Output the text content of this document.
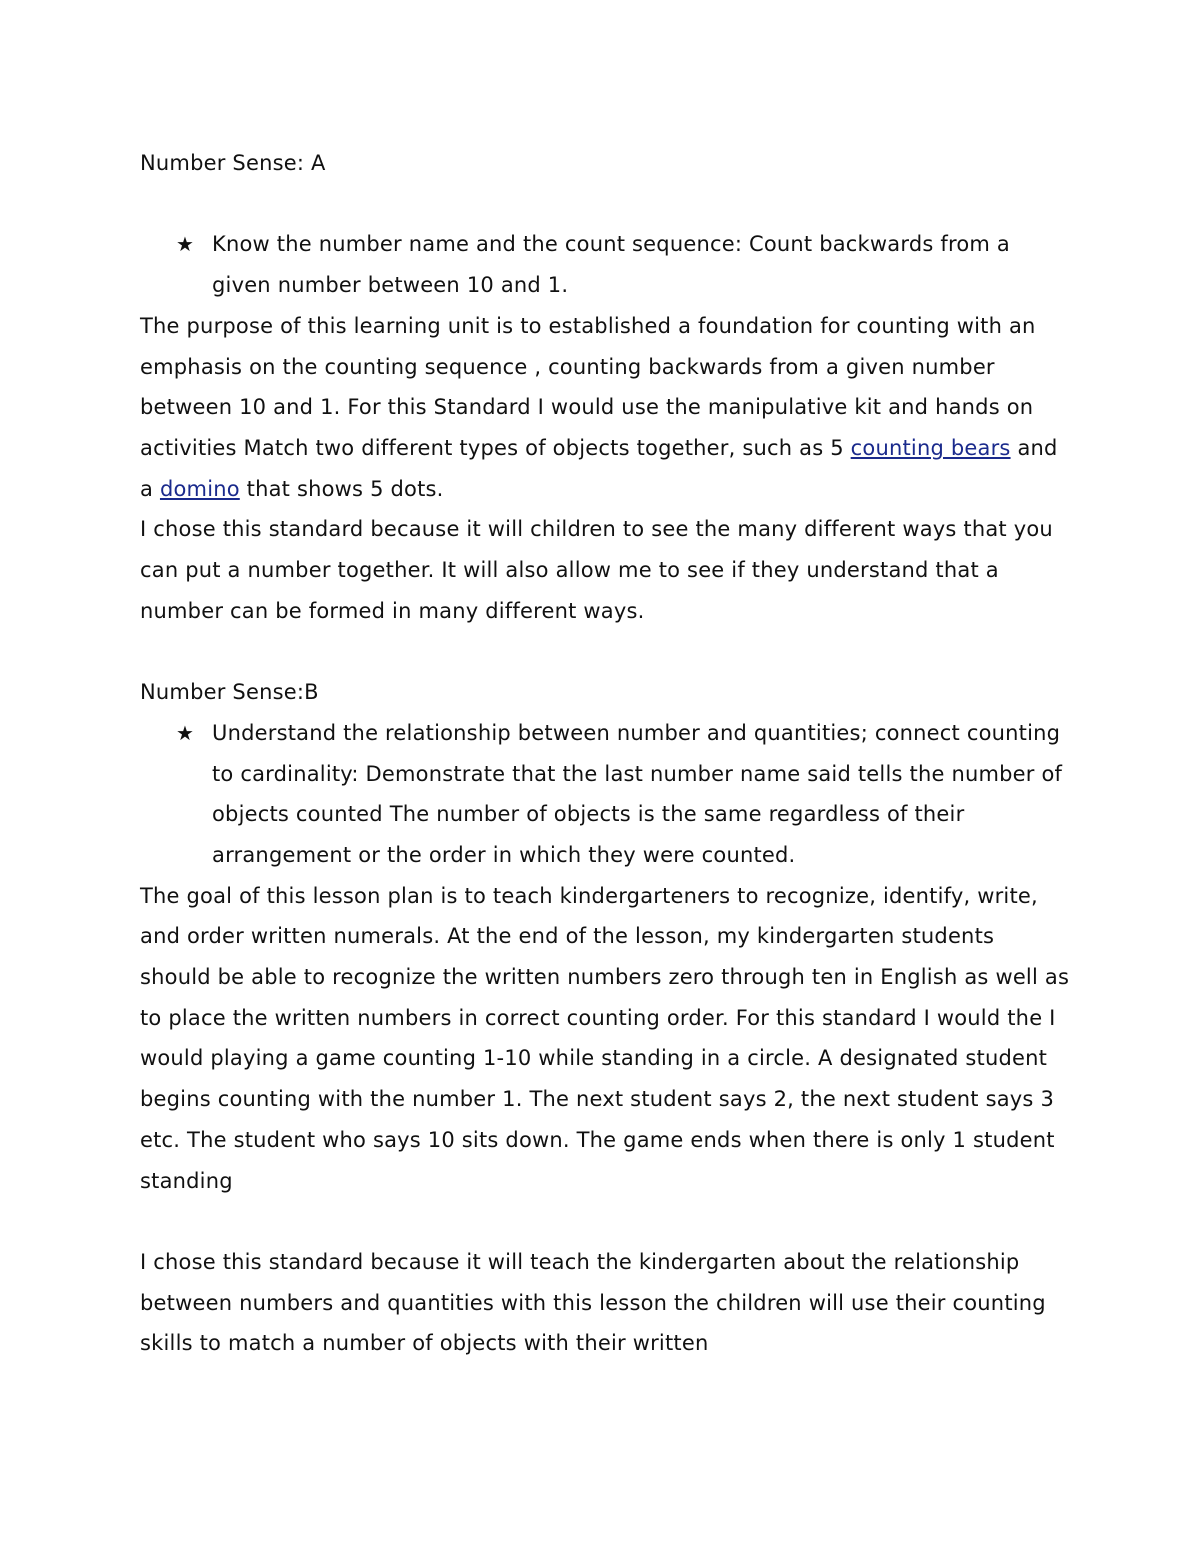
Number Sense: A

★ Know the number name and the count sequence: Count backwards from a given number between 10 and 1.

The purpose of this learning unit is to established a foundation for counting with an emphasis on the counting sequence , counting backwards from a given number between 10 and 1. For this Standard I would use the manipulative kit and hands on activities Match two different types of objects together, such as 5 counting bears and a domino that shows 5 dots.

I chose this standard because it will children to see the many different ways that you can put a number together. It will also allow me to see if they understand that a number can be formed in many different ways.

Number Sense:B

★ Understand the relationship between number and quantities; connect counting to cardinality: Demonstrate that the last number name said tells the number of objects counted The number of objects is the same regardless of their arrangement or the order in which they were counted.

The goal of this lesson plan is to teach kindergarteners to recognize, identify, write, and order written numerals. At the end of the lesson, my kindergarten students should be able to recognize the written numbers zero through ten in English as well as to place the written numbers in correct counting order. For this standard I would the I would playing a game counting 1-10 while standing in a circle. A designated student begins counting with the number 1. The next student says 2, the next student says 3 etc. The student who says 10 sits down. The game ends when there is only 1 student standing

I chose this standard because it will teach the kindergarten about the relationship between numbers and quantities with this lesson the children will use their counting skills to match a number of objects with their written
